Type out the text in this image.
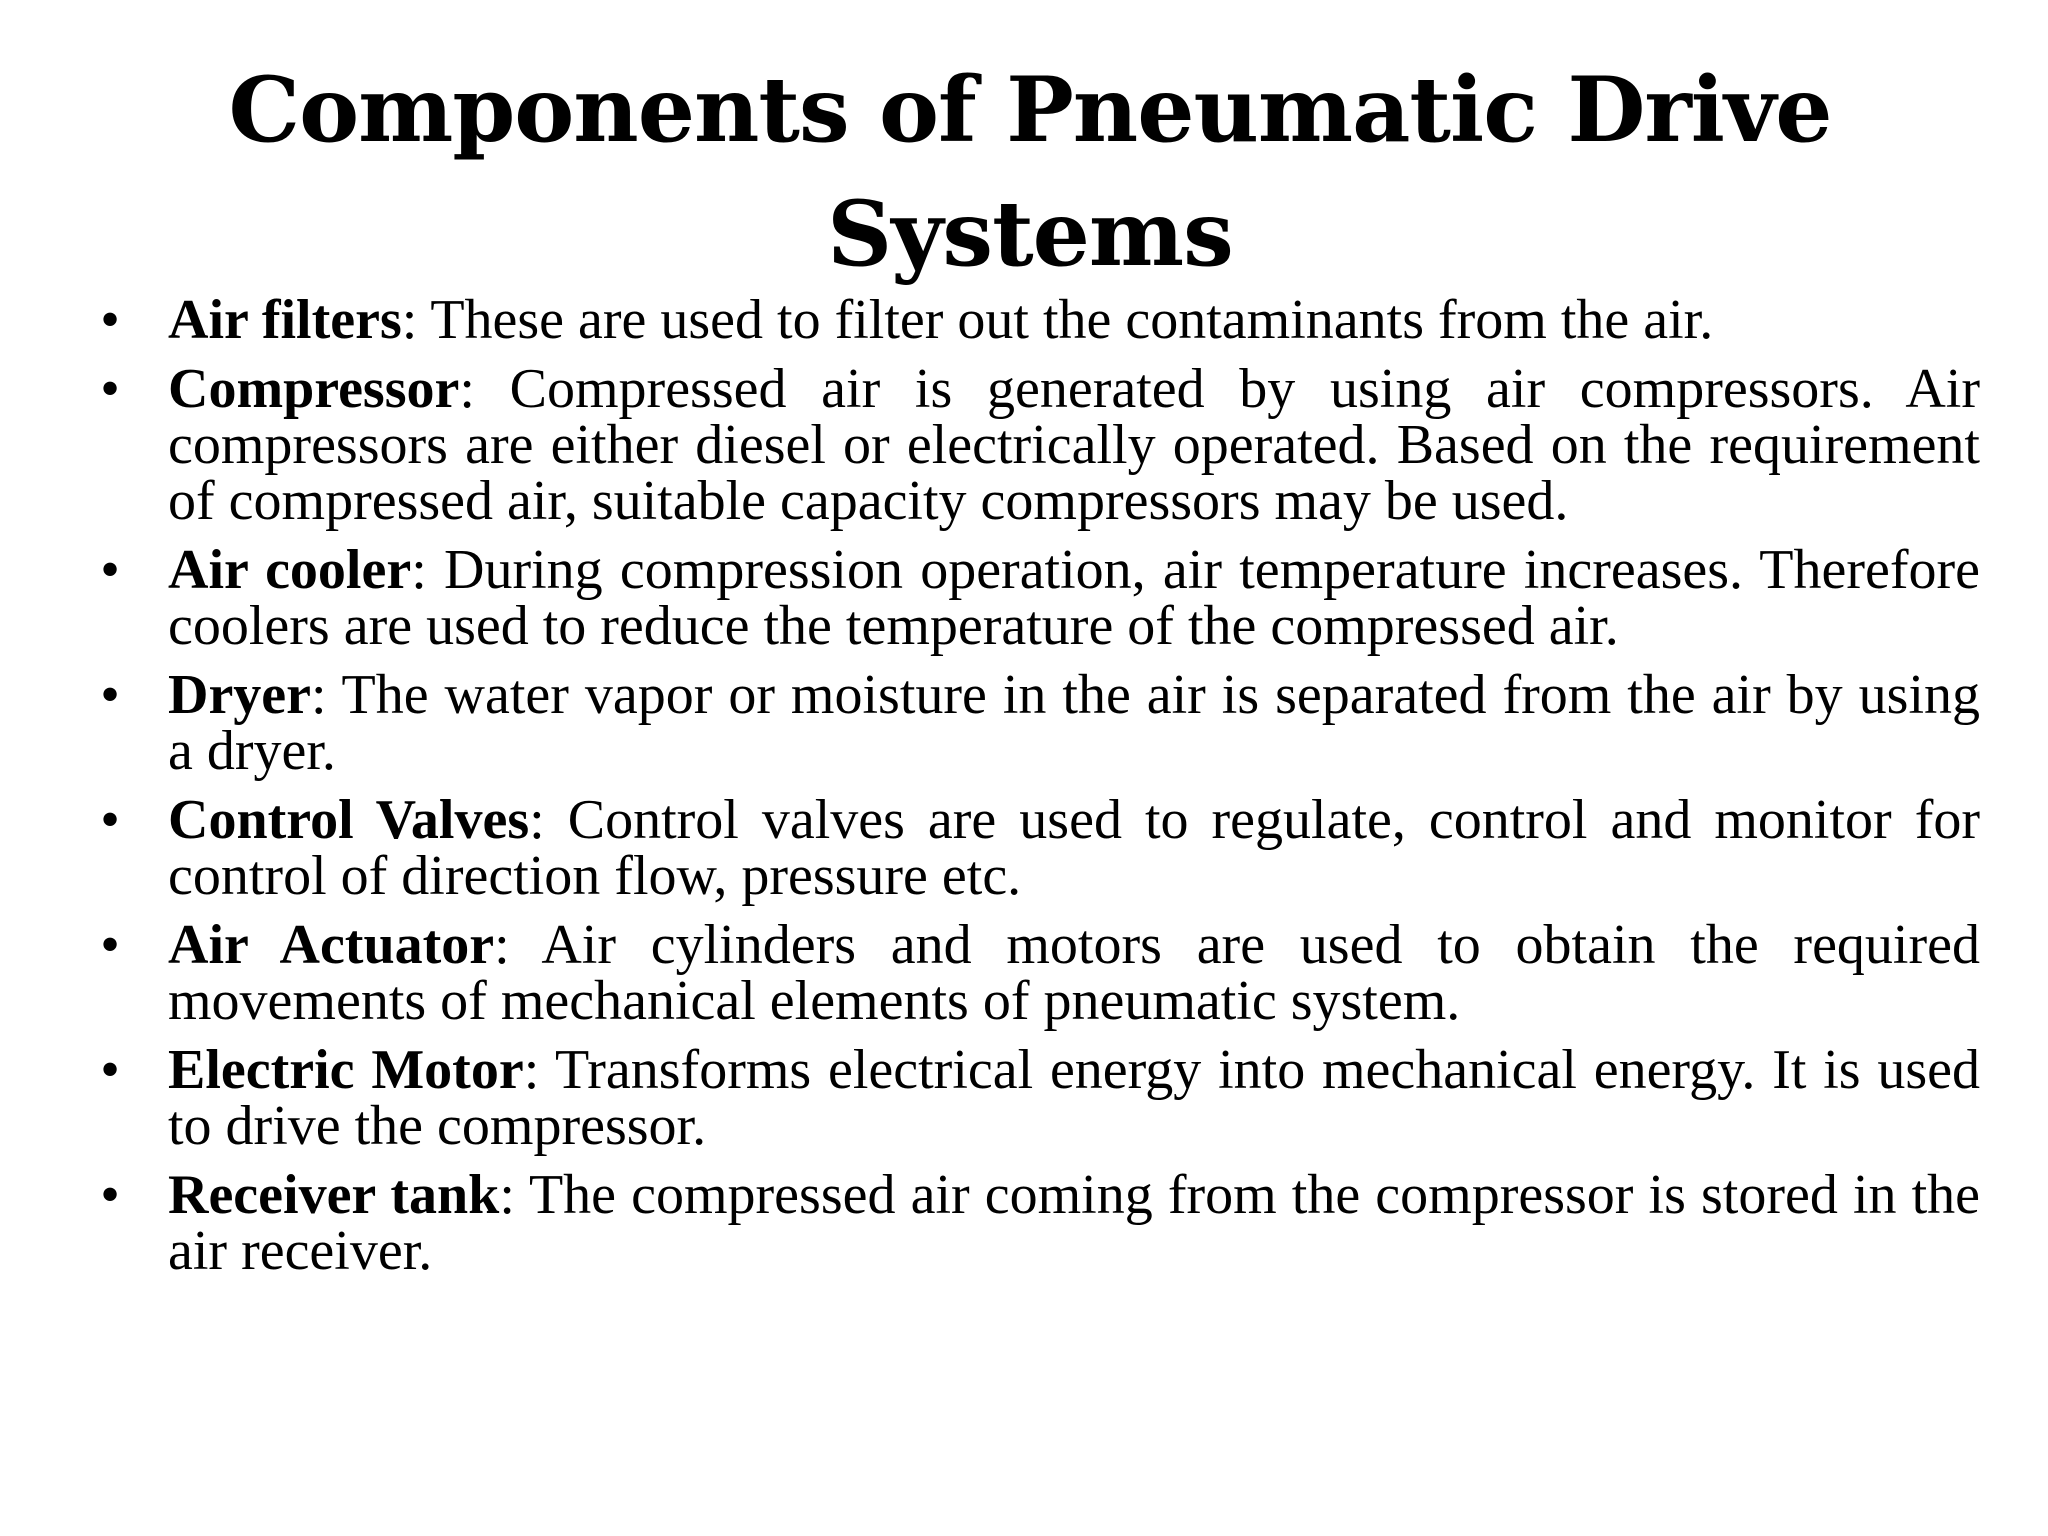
Components of Pneumatic Drive Systems
• Air filters: These are used to filter out the contaminants from the air.
• Compressor: Compressed air is generated by using air compressors. Air compressors are either diesel or electrically operated. Based on the requirement of compressed air, suitable capacity compressors may be used.
• Air cooler: During compression operation, air temperature increases. Therefore coolers are used to reduce the temperature of the compressed air.
• Dryer: The water vapor or moisture in the air is separated from the air by using a dryer.
• Control Valves: Control valves are used to regulate, control and monitor for control of direction flow, pressure etc.
• Air Actuator: Air cylinders and motors are used to obtain the required movements of mechanical elements of pneumatic system.
• Electric Motor: Transforms electrical energy into mechanical energy. It is used to drive the compressor.
• Receiver tank: The compressed air coming from the compressor is stored in the air receiver.
